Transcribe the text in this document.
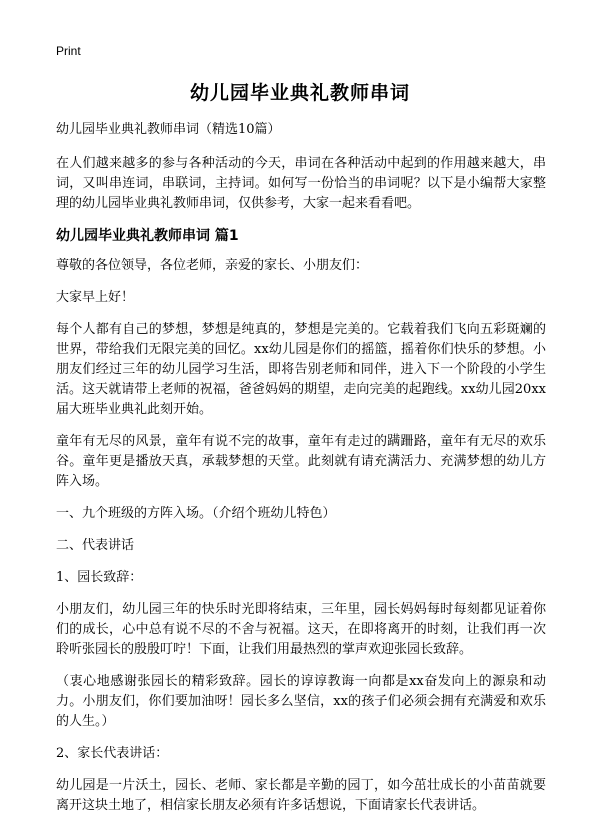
Print
幼儿园毕业典礼教师串词

幼儿园毕业典礼教师串词（精选10篇）

在人们越来越多的参与各种活动的今天，串词在各种活动中起到的作用越来越大，串词，又叫串连词，串联词，主持词。如何写一份恰当的串词呢？以下是小编帮大家整理的幼儿园毕业典礼教师串词，仅供参考，大家一起来看看吧。

幼儿园毕业典礼教师串词 篇1

尊敬的各位领导，各位老师，亲爱的家长、小朋友们：

大家早上好！

每个人都有自己的梦想，梦想是纯真的，梦想是完美的。它载着我们飞向五彩斑斓的世界，带给我们无限完美的回忆。xx幼儿园是你们的摇篮，摇着你们快乐的梦想。小朋友们经过三年的幼儿园学习生活，即将告别老师和同伴，进入下一个阶段的小学生活。这天就请带上老师的祝福，爸爸妈妈的期望，走向完美的起跑线。xx幼儿园20xx届大班毕业典礼此刻开始。

童年有无尽的风景，童年有说不完的故事，童年有走过的蹒跚路，童年有无尽的欢乐谷。童年更是播放天真，承载梦想的天堂。此刻就有请充满活力、充满梦想的幼儿方阵入场。

一、九个班级的方阵入场。（介绍个班幼儿特色）

二、代表讲话

1、园长致辞：

小朋友们，幼儿园三年的快乐时光即将结束，三年里，园长妈妈每时每刻都见证着你们的成长，心中总有说不尽的不舍与祝福。这天，在即将离开的时刻，让我们再一次聆听张园长的殷殷叮咛！下面，让我们用最热烈的掌声欢迎张园长致辞。

（衷心地感谢张园长的精彩致辞。园长的谆谆教诲一向都是xx奋发向上的源泉和动力。小朋友们，你们要加油呀！园长多么坚信，xx的孩子们必须会拥有充满爱和欢乐的人生。）

2、家长代表讲话：

幼儿园是一片沃土，园长、老师、家长都是辛勤的园丁，如今茁壮成长的小苗苗就要离开这块土地了，相信家长朋友必须有许多话想说，下面请家长代表讲话。
